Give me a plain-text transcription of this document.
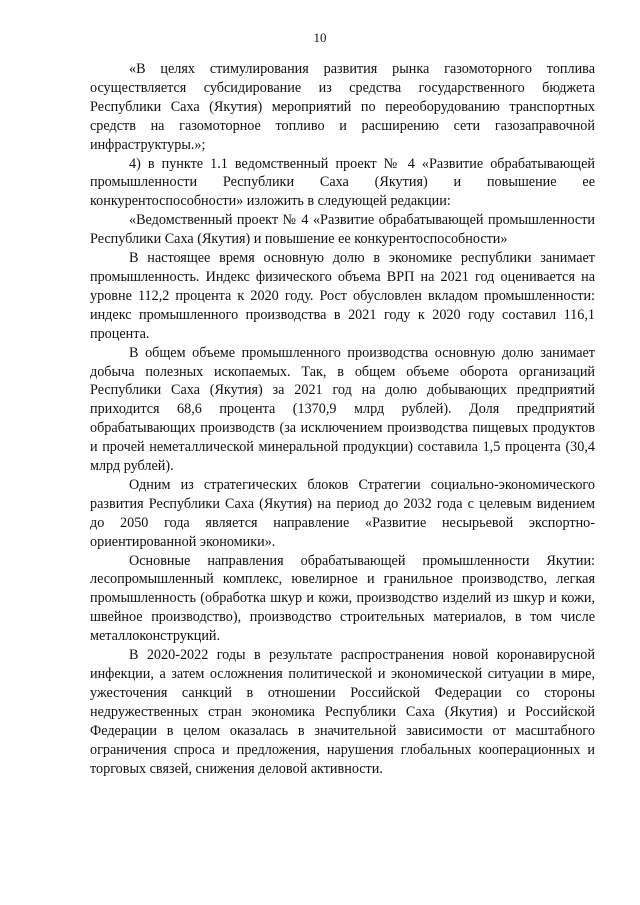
10

«В целях стимулирования развития рынка газомоторного топлива осуществляется субсидирование из средства государственного бюджета Республики Саха (Якутия) мероприятий по переоборудованию транспортных средств на газомоторное топливо и расширению сети газозаправочной инфраструктуры.»;

4) в пункте 1.1 ведомственный проект № 4 «Развитие обрабатывающей промышленности Республики Саха (Якутия) и повышение ее конкурентоспособности» изложить в следующей редакции:

«Ведомственный проект № 4 «Развитие обрабатывающей промышленности Республики Саха (Якутия) и повышение ее конкурентоспособности»

В настоящее время основную долю в экономике республики занимает промышленность. Индекс физического объема ВРП на 2021 год оценивается на уровне 112,2 процента к 2020 году. Рост обусловлен вкладом промышленности: индекс промышленного производства в 2021 году к 2020 году составил 116,1 процента.

В общем объеме промышленного производства основную долю занимает добыча полезных ископаемых. Так, в общем объеме оборота организаций Республики Саха (Якутия) за 2021 год на долю добывающих предприятий приходится 68,6 процента (1370,9 млрд рублей). Доля предприятий обрабатывающих производств (за исключением производства пищевых продуктов и прочей неметаллической минеральной продукции) составила 1,5 процента (30,4 млрд рублей).

Одним из стратегических блоков Стратегии социально-экономического развития Республики Саха (Якутия) на период до 2032 года с целевым видением до 2050 года является направление «Развитие несырьевой экспортно-ориентированной экономики».

Основные направления обрабатывающей промышленности Якутии: лесопромышленный комплекс, ювелирное и гранильное производство, легкая промышленность (обработка шкур и кожи, производство изделий из шкур и кожи, швейное производство), производство строительных материалов, в том числе металлоконструкций.

В 2020-2022 годы в результате распространения новой коронавирусной инфекции, а затем осложнения политической и экономической ситуации в мире, ужесточения санкций в отношении Российской Федерации со стороны недружественных стран экономика Республики Саха (Якутия) и Российской Федерации в целом оказалась в значительной зависимости от масштабного ограничения спроса и предложения, нарушения глобальных кооперационных и торговых связей, снижения деловой активности.
